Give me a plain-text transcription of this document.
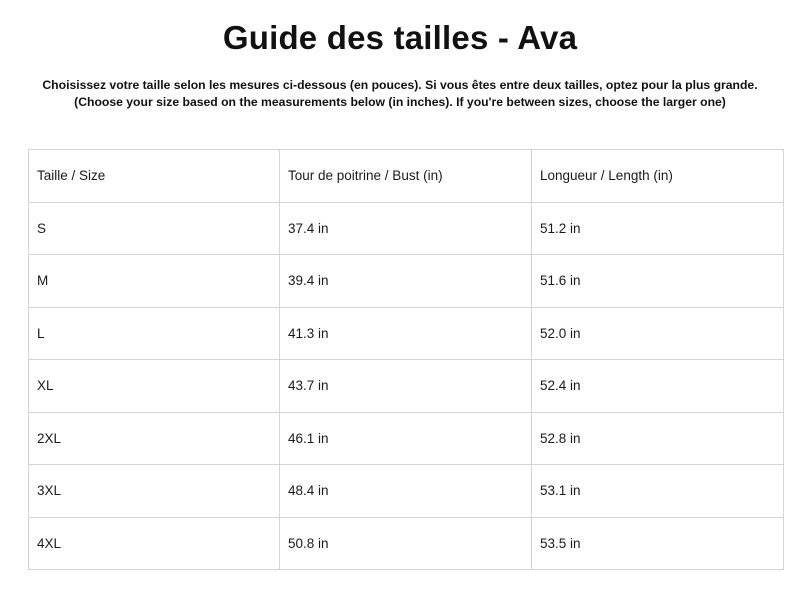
Guide des tailles - Ava
Choisissez votre taille selon les mesures ci-dessous (en pouces). Si vous êtes entre deux tailles, optez pour la plus grande.
(Choose your size based on the measurements below (in inches). If you're between sizes, choose the larger one)
Taille / Size	Tour de poitrine / Bust (in)	Longueur / Length (in)
S	37.4 in	51.2 in
M	39.4 in	51.6 in
L	41.3 in	52.0 in
XL	43.7 in	52.4 in
2XL	46.1 in	52.8 in
3XL	48.4 in	53.1 in
4XL	50.8 in	53.5 in
